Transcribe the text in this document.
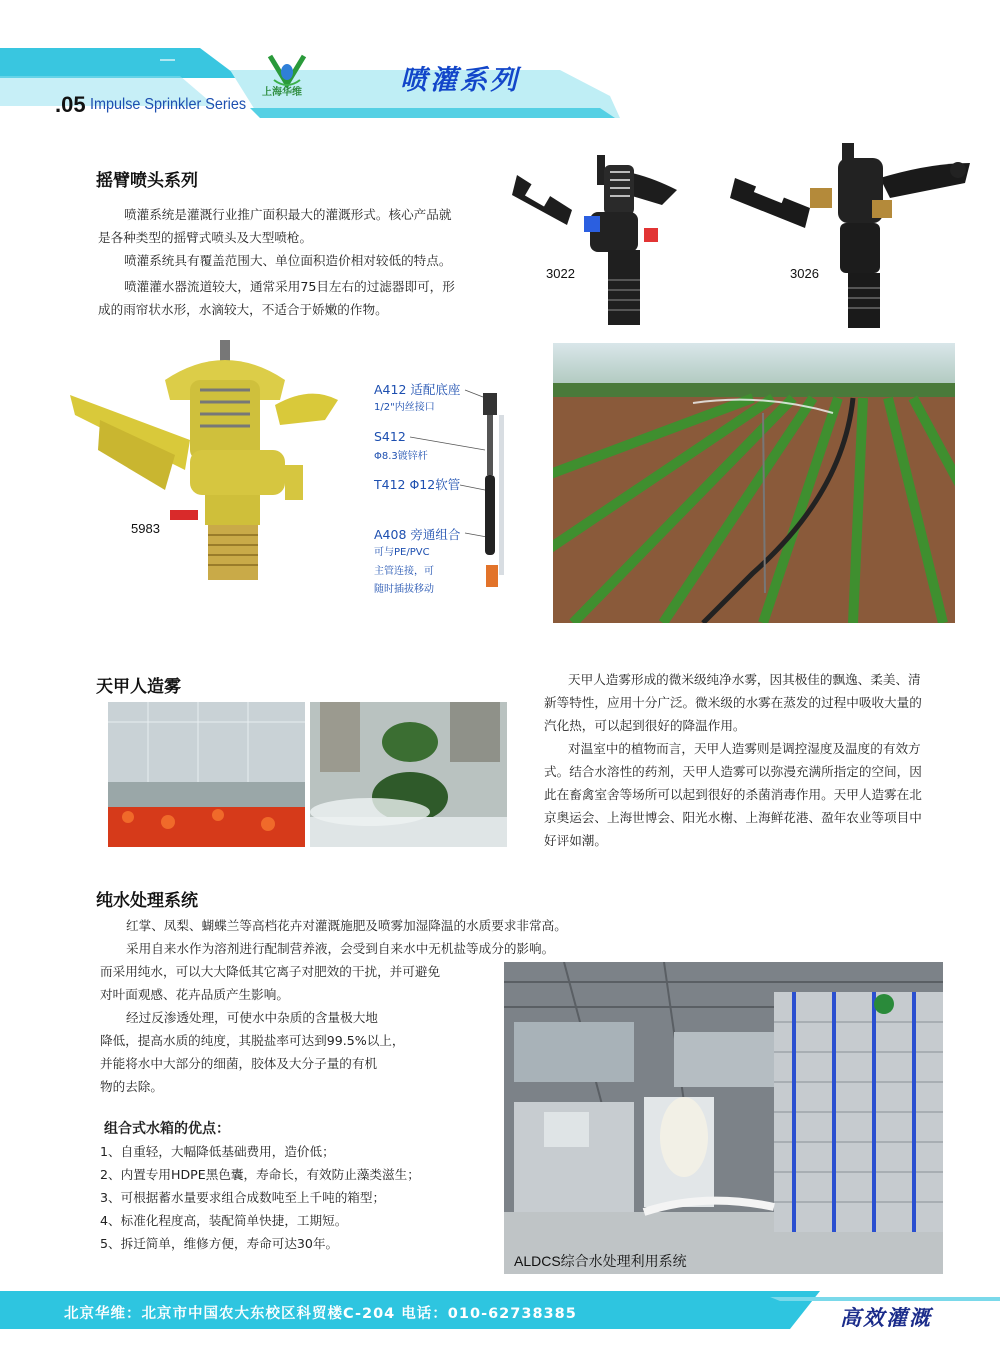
上海华维
.05 Impulse Sprinkler Series
喷灌系列
摇臂喷头系列
喷灌系统是灌溉行业推广面积最大的灌溉形式。核心产品就
是各种类型的摇臂式喷头及大型喷枪。
喷灌系统具有覆盖范围大、单位面积造价相对较低的特点。
喷灌灌水器流道较大，通常采用75目左右的过滤器即可，形
成的雨帘状水形，水滴较大，不适合于娇嫩的作物。
3022	3026
5983
A412 适配底座
1/2"内丝接口
S412
Φ8.3镀锌杆
T412 Φ12软管
A408 旁通组合
可与PE/PVC
主管连接，可
随时插拔移动
天甲人造雾	天甲人造雾形成的微米级纯净水雾，因其极佳的飘逸、柔美、清
新等特性，应用十分广泛。微米级的水雾在蒸发的过程中吸收大量的
汽化热，可以起到很好的降温作用。
对温室中的植物而言，天甲人造雾则是调控湿度及温度的有效方
式。结合水溶性的药剂，天甲人造雾可以弥漫充满所指定的空间，因
此在畜禽室舍等场所可以起到很好的杀菌消毒作用。天甲人造雾在北
京奥运会、上海世博会、阳光水榭、上海鲜花港、盈年农业等项目中
好评如潮。
纯水处理系统
红掌、凤梨、蝴蝶兰等高档花卉对灌溉施肥及喷雾加湿降温的水质要求非常高。
采用自来水作为溶剂进行配制营养液，会受到自来水中无机盐等成分的影响。
而采用纯水，可以大大降低其它离子对肥效的干扰，并可避免
对叶面观感、花卉品质产生影响。
经过反渗透处理，可使水中杂质的含量极大地
降低，提高水质的纯度，其脱盐率可达到99.5%以上，
并能将水中大部分的细菌，胶体及大分子量的有机
物的去除。
组合式水箱的优点：
1、自重轻，大幅降低基础费用，造价低；
2、内置专用HDPE黑色囊，寿命长，有效防止藻类滋生；
3、可根据蓄水量要求组合成数吨至上千吨的箱型；
4、标准化程度高，装配简单快捷，工期短。
5、拆迁简单，维修方便，寿命可达30年。
ALDCS综合水处理利用系统
北京华维：北京市中国农大东校区科贸楼C-204 电话：010-62738385	高效灌溉
